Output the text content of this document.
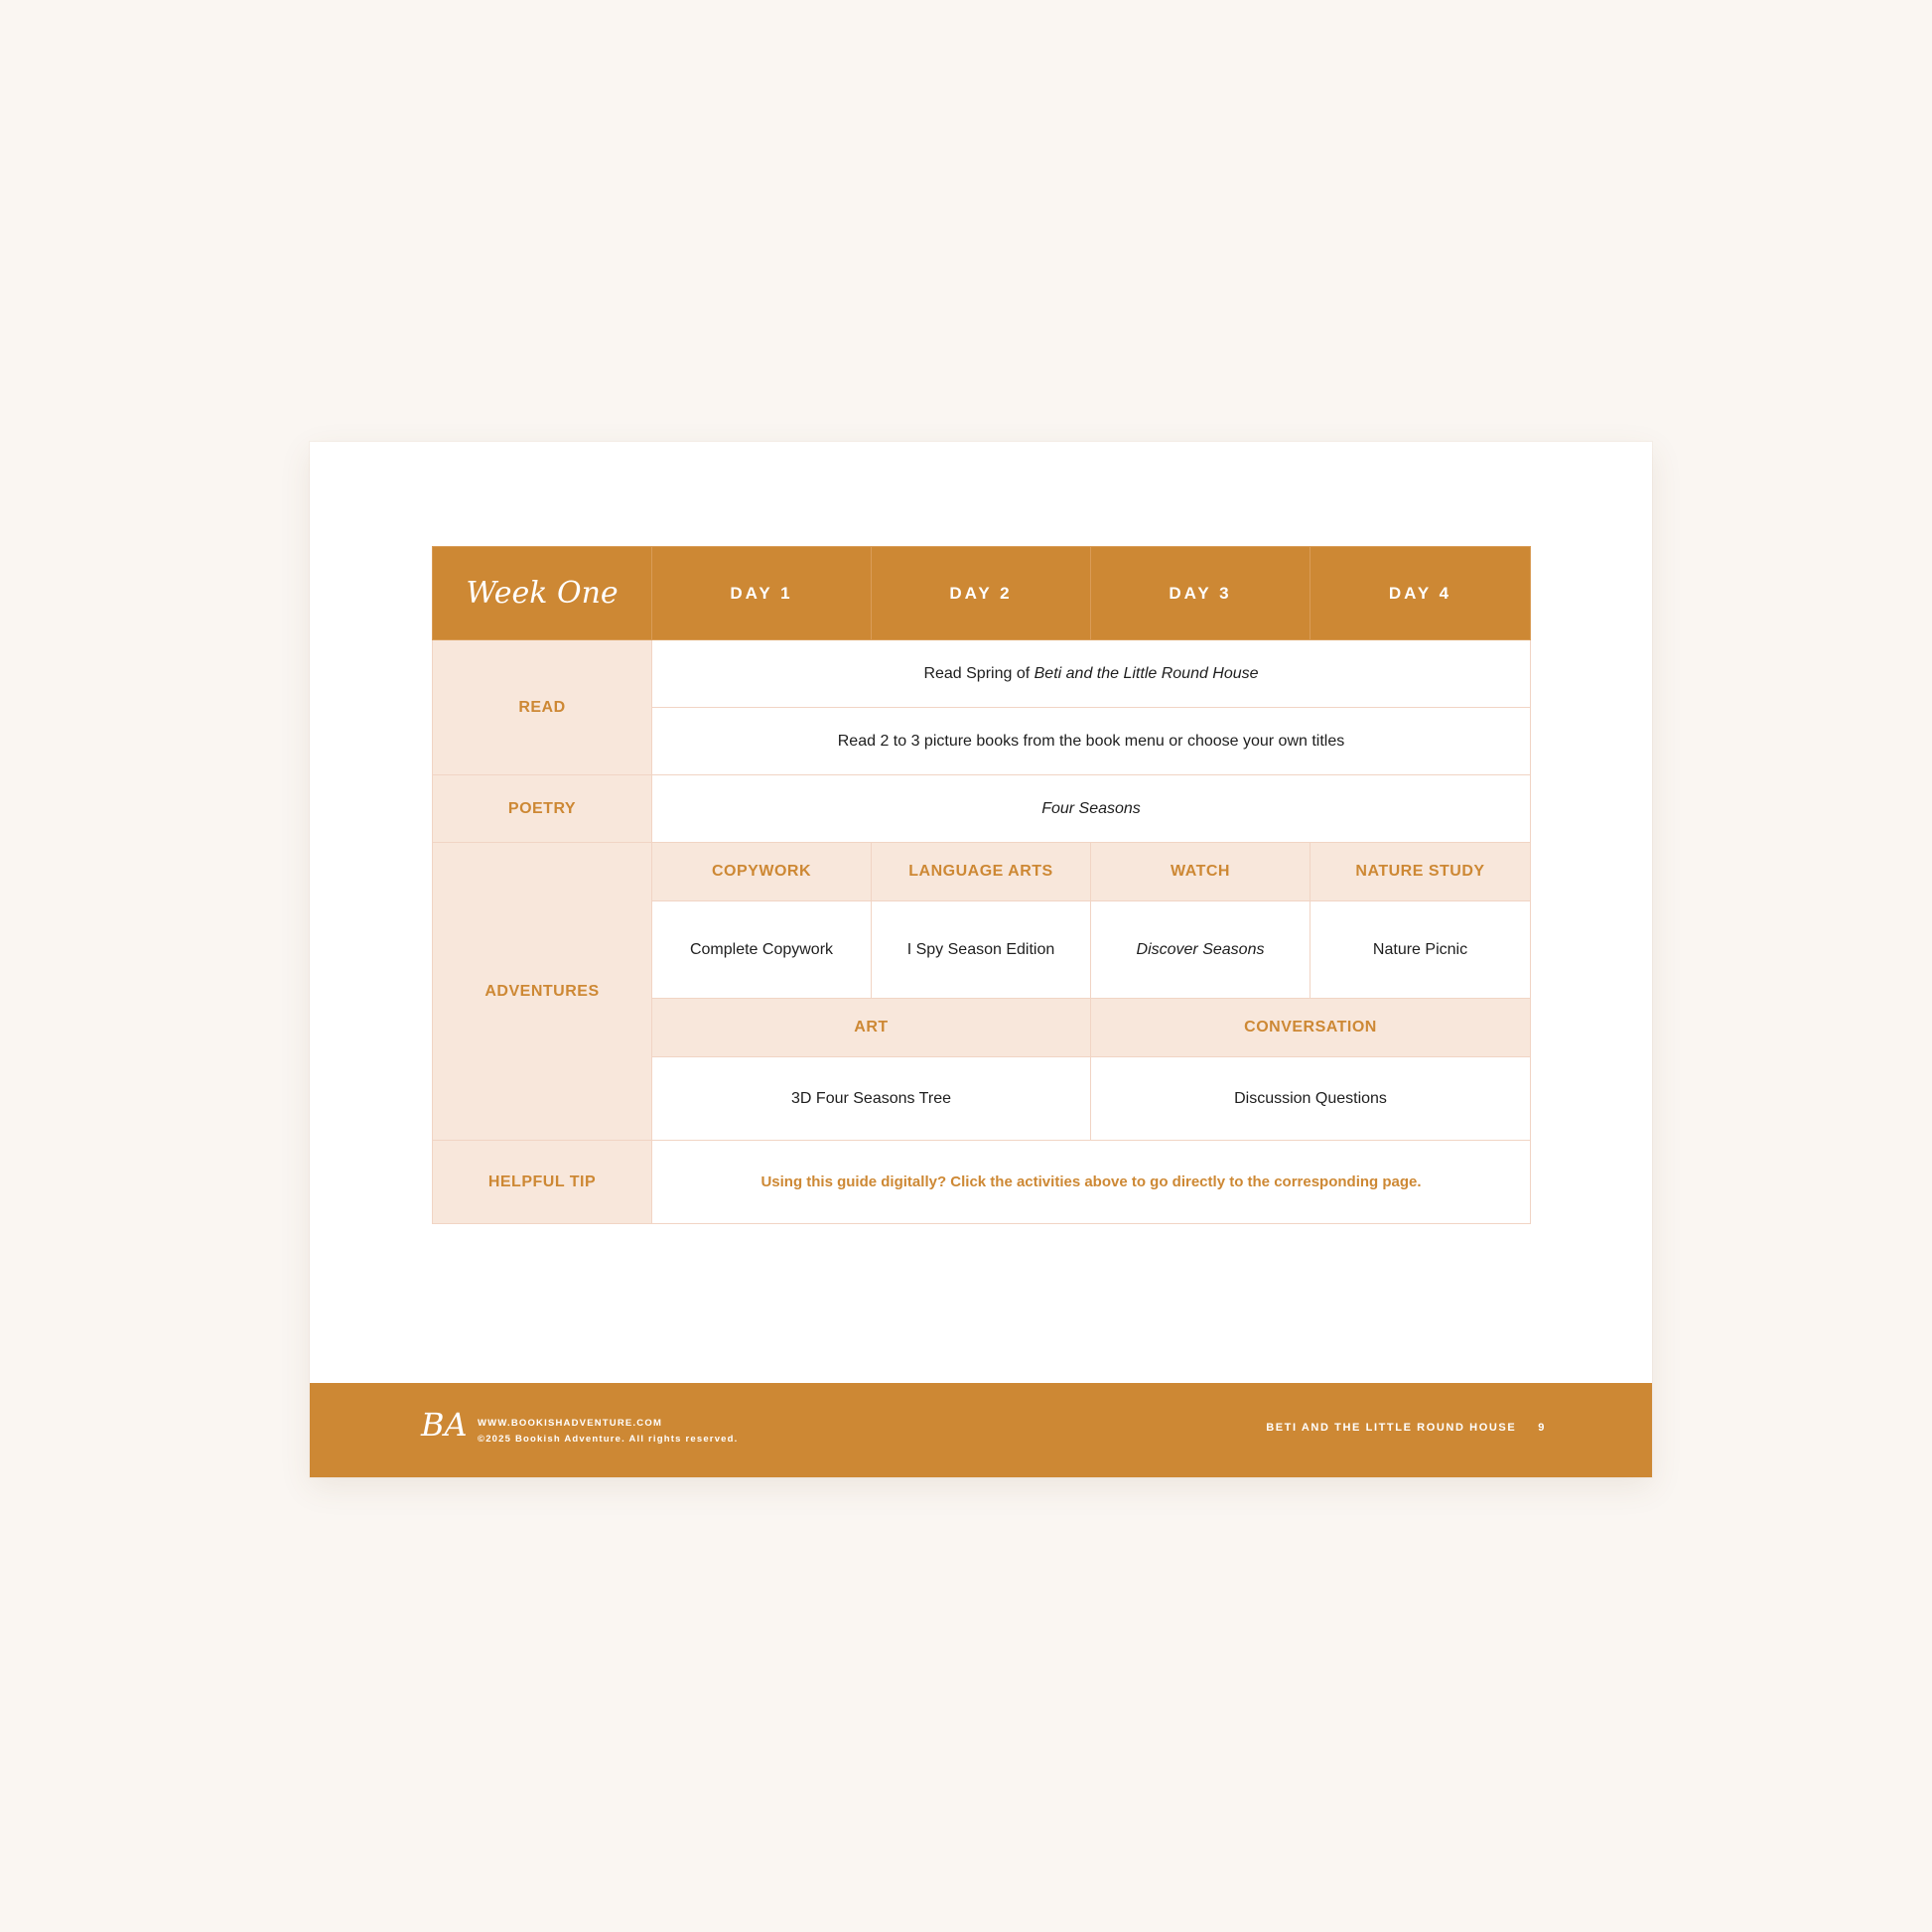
Week One	DAY 1	DAY 2	DAY 3	DAY 4
READ	Read Spring of Beti and the Little Round House			
	Read 2 to 3 picture books from the book menu or choose your own titles			
POETRY	Four Seasons			
ADVENTURES	COPYWORK	LANGUAGE ARTS	WATCH	NATURE STUDY
	Complete Copywork	I Spy Season Edition	Discover Seasons	Nature Picnic
	ART		CONVERSATION	
	3D Four Seasons Tree		Discussion Questions	
HELPFUL TIP	Using this guide digitally? Click the activities above to go directly to the corresponding page.			
BA WWW.BOOKISHADVENTURE.COM
©2025 Bookish Adventure. All rights reserved.
BETI AND THE LITTLE ROUND HOUSE 9
